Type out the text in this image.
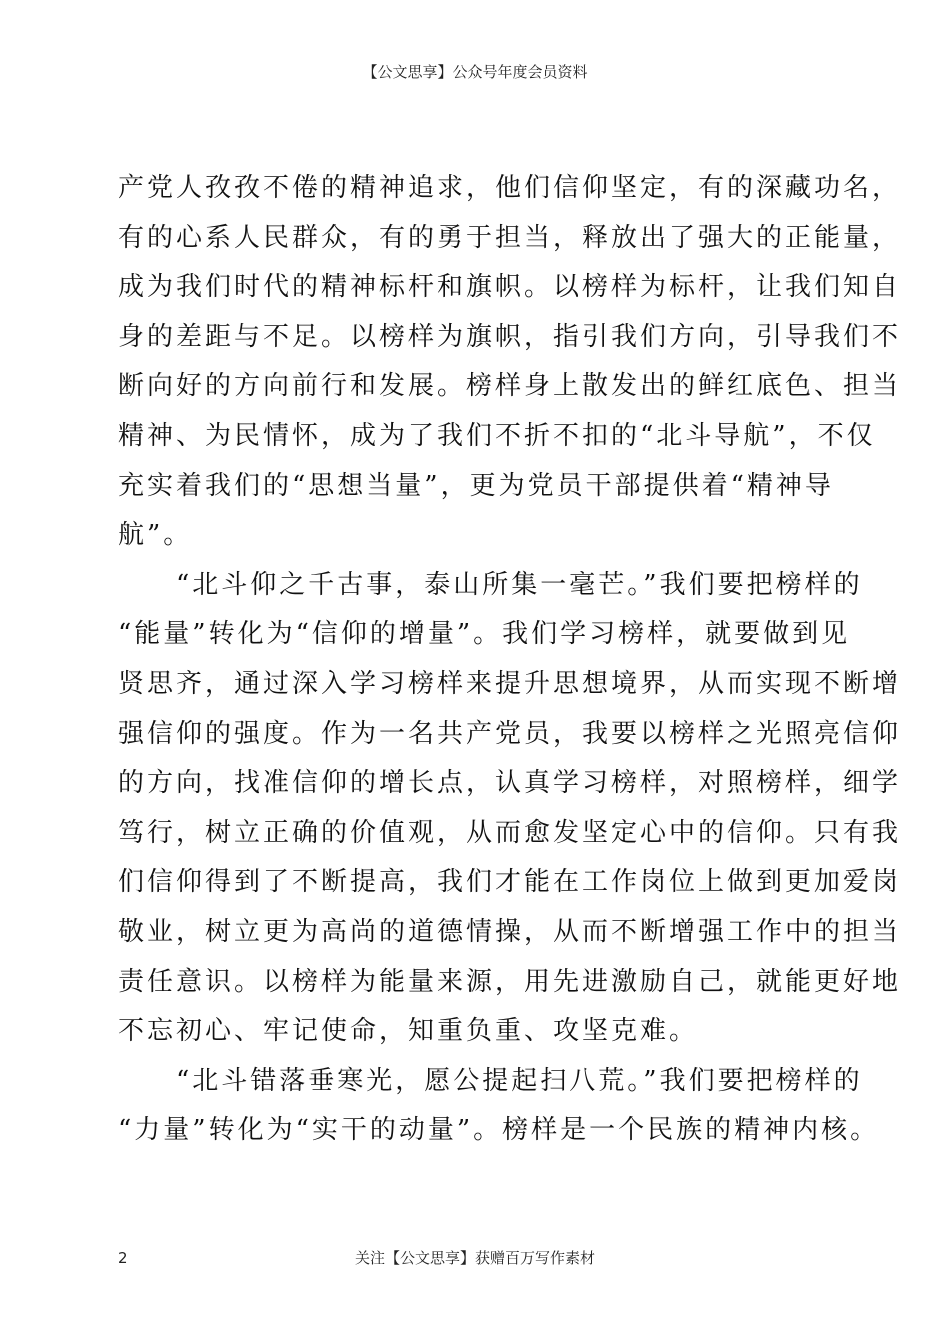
【公文思享】公众号年度会员资料
产党人孜孜不倦的精神追求，他们信仰坚定，有的深藏功名，
有的心系人民群众，有的勇于担当，释放出了强大的正能量，
成为我们时代的精神标杆和旗帜。以榜样为标杆，让我们知自
身的差距与不足。以榜样为旗帜，指引我们方向，引导我们不
断向好的方向前行和发展。榜样身上散发出的鲜红底色、担当
精神、为民情怀，成为了我们不折不扣的“北斗导航”，不仅
充实着我们的“思想当量”，更为党员干部提供着“精神导
航”。
　　“北斗仰之千古事，泰山所集一毫芒。”我们要把榜样的
“能量”转化为“信仰的增量”。我们学习榜样，就要做到见
贤思齐，通过深入学习榜样来提升思想境界，从而实现不断增
强信仰的强度。作为一名共产党员，我要以榜样之光照亮信仰
的方向，找准信仰的增长点，认真学习榜样，对照榜样，细学
笃行，树立正确的价值观，从而愈发坚定心中的信仰。只有我
们信仰得到了不断提高，我们才能在工作岗位上做到更加爱岗
敬业，树立更为高尚的道德情操，从而不断增强工作中的担当
责任意识。以榜样为能量来源，用先进激励自己，就能更好地
不忘初心、牢记使命，知重负重、攻坚克难。
　　“北斗错落垂寒光，愿公提起扫八荒。”我们要把榜样的
“力量”转化为“实干的动量”。榜样是一个民族的精神内核。
2	关注【公文思享】获赠百万写作素材
